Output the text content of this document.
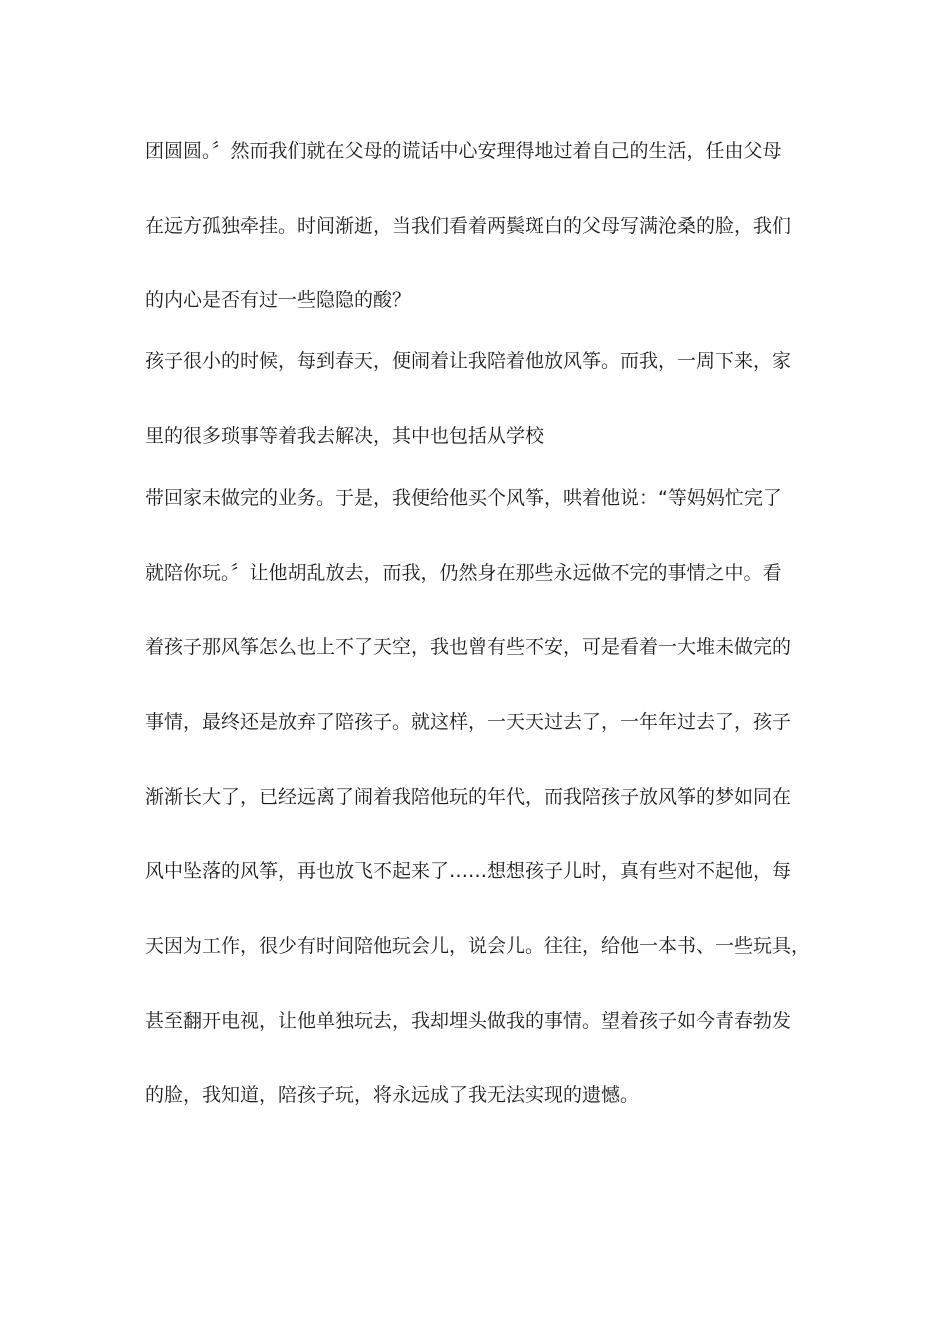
团圆圆。〞然而我们就在父母的谎话中心安理得地过着自己的生活，任由父母
在远方孤独牵挂。时间渐逝，当我们看着两鬓斑白的父母写满沧桑的脸，我们
的内心是否有过一些隐隐的酸？
孩子很小的时候，每到春天，便闹着让我陪着他放风筝。而我，一周下来，家
里的很多琐事等着我去解决，其中也包括从学校
带回家未做完的业务。于是，我便给他买个风筝，哄着他说：“等妈妈忙完了
就陪你玩。〞让他胡乱放去，而我，仍然身在那些永远做不完的事情之中。看
着孩子那风筝怎么也上不了天空，我也曾有些不安，可是看着一大堆未做完的
事情，最终还是放弃了陪孩子。就这样，一天天过去了，一年年过去了，孩子
渐渐长大了，已经远离了闹着我陪他玩的年代，而我陪孩子放风筝的梦如同在
风中坠落的风筝，再也放飞不起来了……想想孩子儿时，真有些对不起他，每
天因为工作，很少有时间陪他玩会儿，说会儿。往往，给他一本书、一些玩具，
甚至翻开电视，让他单独玩去，我却埋头做我的事情。望着孩子如今青春勃发
的脸，我知道，陪孩子玩，将永远成了我无法实现的遗憾。
